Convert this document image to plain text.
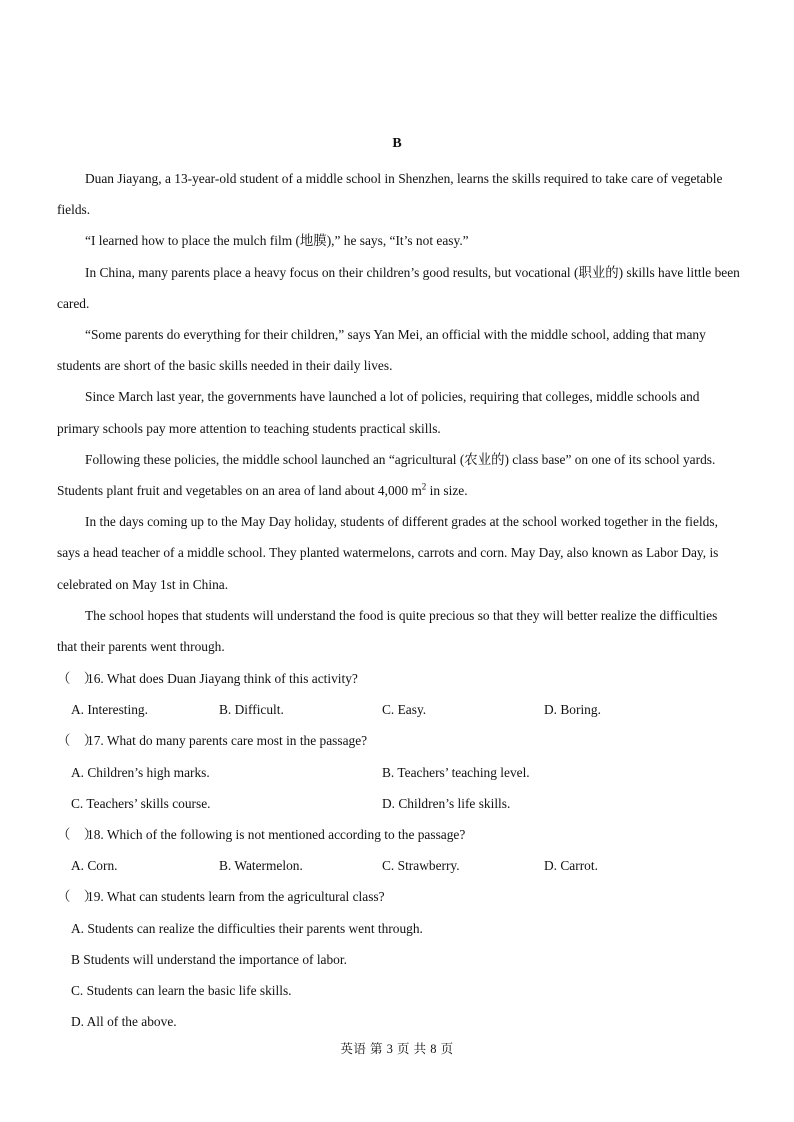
B

Duan Jiayang, a 13-year-old student of a middle school in Shenzhen, learns the skills required to take care of vegetable fields.

“I learned how to place the mulch film (地膜),” he says, “It’s not easy.”

In China, many parents place a heavy focus on their children’s good results, but vocational (职业的) skills have little been cared.

“Some parents do everything for their children,” says Yan Mei, an official with the middle school, adding that many students are short of the basic skills needed in their daily lives.

Since March last year, the governments have launched a lot of policies, requiring that colleges, middle schools and primary schools pay more attention to teaching students practical skills.

Following these policies, the middle school launched an “agricultural (农业的) class base” on one of its school yards. Students plant fruit and vegetables on an area of land about 4,000 $m^2$ in size.

In the days coming up to the May Day holiday, students of different grades at the school worked together in the fields, says a head teacher of a middle school. They planted watermelons, carrots and corn. May Day, also known as Labor Day, is celebrated on May 1st in China.

The school hopes that students will understand the food is quite precious so that they will better realize the difficulties that their parents went through.

（　）16. What does Duan Jiayang think of this activity?
A. Interesting.	B. Difficult.	C. Easy.	D. Boring.
（　）17. What do many parents care most in the passage?
A. Children’s high marks.	B. Teachers’ teaching level.
C. Teachers’ skills course.	D. Children’s life skills.
（　）18. Which of the following is not mentioned according to the passage?
A. Corn.	B. Watermelon.	C. Strawberry.	D. Carrot.
（　）19. What can students learn from the agricultural class?
A. Students can realize the difficulties their parents went through.
B Students will understand the importance of labor.
C. Students can learn the basic life skills.
D. All of the above.
英语 第 3 页 共 8 页
